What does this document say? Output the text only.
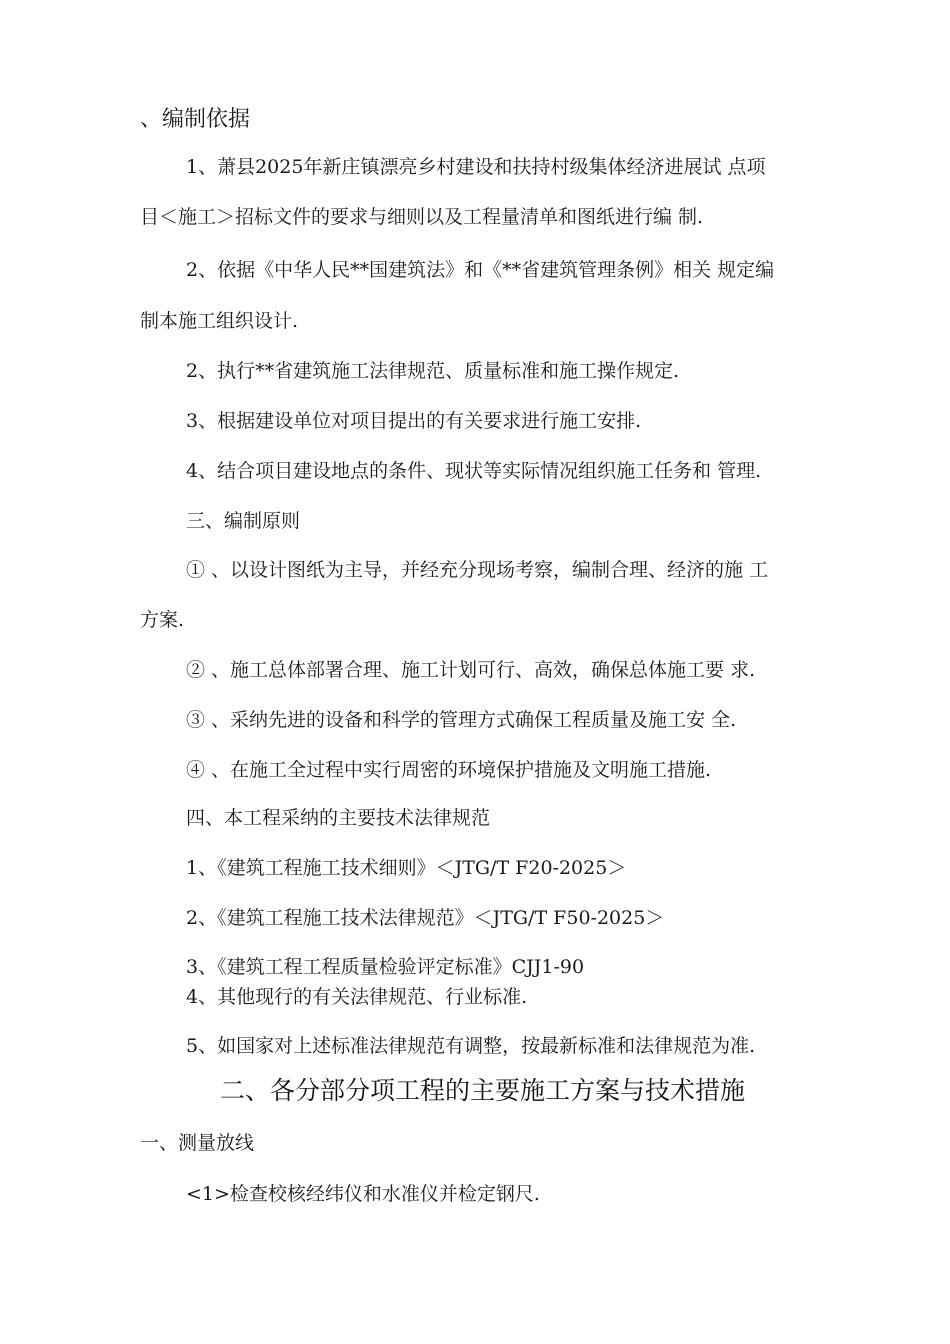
、编制依据
1、萧县2025年新庄镇漂亮乡村建设和扶持村级集体经济进展试 点项
目＜施工＞招标文件的要求与细则以及工程量清单和图纸进行编 制.
2、依据《中华人民**国建筑法》和《**省建筑管理条例》相关 规定编
制本施工组织设计.
2、执行**省建筑施工法律规范、质量标准和施工操作规定.
3、根据建设单位对项目提出的有关要求进行施工安排.
4、结合项目建设地点的条件、现状等实际情况组织施工任务和 管理.
三、编制原则
① 、以设计图纸为主导，并经充分现场考察，编制合理、经济的施 工
方案.
② 、施工总体部署合理、施工计划可行、高效，确保总体施工要 求.
③ 、采纳先进的设备和科学的管理方式确保工程质量及施工安 全.
④ 、在施工全过程中实行周密的环境保护措施及文明施工措施.
四、本工程采纳的主要技术法律规范
1、《建筑工程施工技术细则》＜JTG/T F20-2025＞
2、《建筑工程施工技术法律规范》＜JTG/T F50-2025＞
3、《建筑工程工程质量检验评定标准》CJJ1-90
4、其他现行的有关法律规范、行业标准.
5、如国家对上述标准法律规范有调整，按最新标准和法律规范为准.
二、各分部分项工程的主要施工方案与技术措施
一、测量放线
<1>检查校核经纬仪和水准仪并检定钢尺.
